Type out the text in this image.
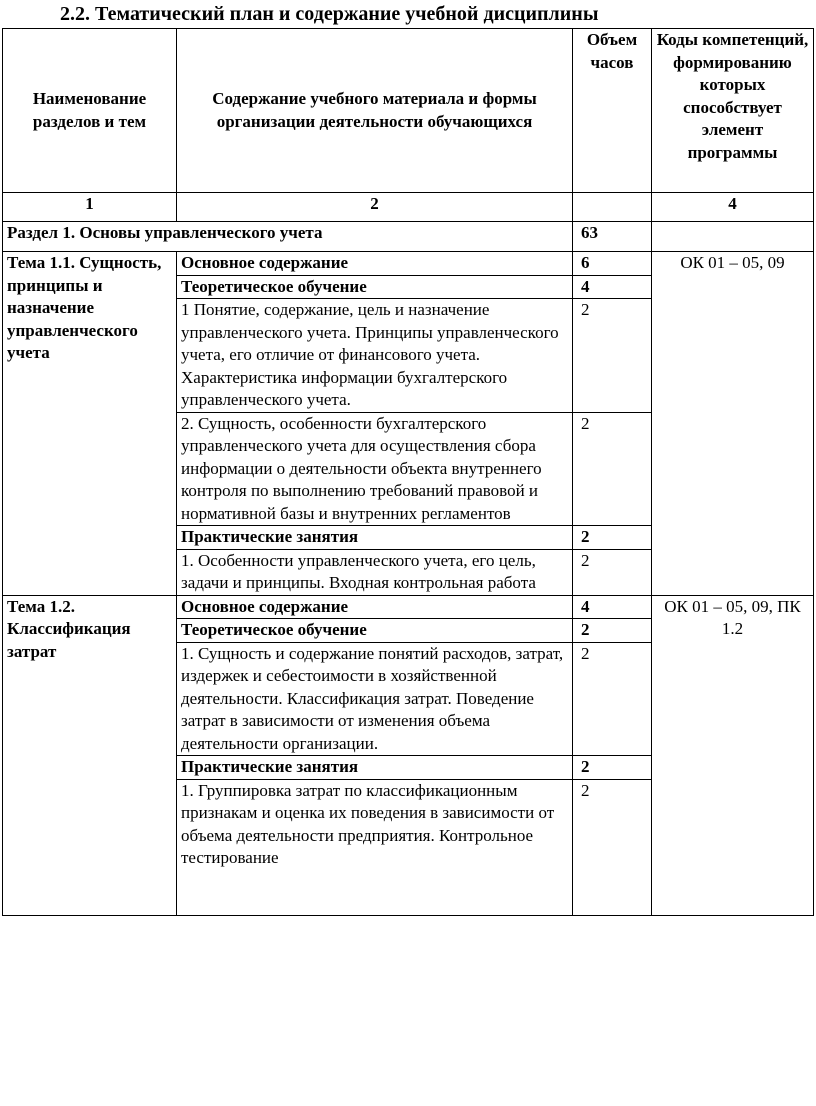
2.2. Тематический план и содержание учебной дисциплины
Наименование разделов и тем	Содержание учебного материала и формы организации деятельности обучающихся	Объем часов	Коды компетенций, формированию которых способствует элемент программы
1	2		4
Раздел 1. Основы управленческого учета		63	
Тема 1.1. Сущность, принципы и назначение управленческого учета	Основное содержание	6	ОК 01 – 05, 09
	Теоретическое обучение	4	
	1 Понятие, содержание, цель и назначение управленческого учета. Принципы управленческого учета, его отличие от финансового учета. Характеристика информации бухгалтерского управленческого учета.	2	
	2. Сущность, особенности бухгалтерского управленческого учета для осуществления сбора информации о деятельности объекта внутреннего контроля по выполнению требований правовой и нормативной базы и внутренних регламентов	2	
	Практические занятия	2	
	1. Особенности управленческого учета, его цель, задачи и принципы. Входная контрольная работа	2	
Тема 1.2. Классификация затрат	Основное содержание	4	ОК 01 – 05, 09, ПК 1.2
	Теоретическое обучение	2	
	1. Сущность и содержание понятий расходов, затрат, издержек и себестоимости в хозяйственной деятельности. Классификация затрат. Поведение затрат в зависимости от изменения объема деятельности организации.	2	
	Практические занятия	2	
	1. Группировка затрат по классификационным признакам и оценка их поведения в зависимости от объема деятельности предприятия. Контрольное тестирование	2	
